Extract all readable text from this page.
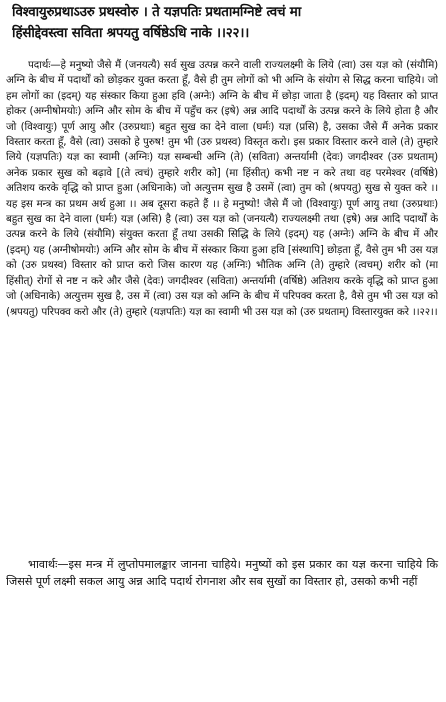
विश्वायुरुप्रथाऽउरु प्रथस्वोरु । ते यज्ञपतिः प्रथतामग्निष्टे त्वचं मा
हिंसीद्देवस्त्वा सविता श्रपयतु वर्षिष्ठेऽधि नाके ।।२२।।

पदार्थः—हे मनुष्यो जैसे मैं (जनयत्यै) सर्व सुख उत्पन्न करने वाली राज्यलक्ष्मी के लिये (त्वा) उस यज्ञ को (संयौमि) अग्नि के बीच में पदार्थों को छोड़कर युक्त करता हूँ, वैसे ही तुम लोगों को भी अग्नि के संयोग से सिद्ध करना चाहिये। जो हम लोगों का (इदम्) यह संस्कार किया हुआ हवि (अग्नेः) अग्नि के बीच में छोड़ा जाता है (इदम्) यह विस्तार को प्राप्त होकर (अग्नीषोमयोः) अग्नि और सोम के बीच में पहुँच कर (इषे) अन्न आदि पदार्थों के उत्पन्न करने के लिये होता है और जो (विश्वायुः) पूर्ण आयु और (उरुप्रथाः) बहुत सुख का देने वाला (घर्मः) यज्ञ (प्रसि) है, उसका जैसे मैं अनेक प्रकार विस्तार करता हूँ, वैसे (त्वा) उसको हे पुरुष! तुम भी (उरु प्रथस्व) विस्तृत करो। इस प्रकार विस्तार करने वाले (ते) तुम्हारे लिये (यज्ञपतिः) यज्ञ का स्वामी (अग्निः) यज्ञ सम्बन्धी अग्नि (ते) (सविता) अन्तर्यामी (देवः) जगदीश्वर (उरु प्रथताम्) अनेक प्रकार सुख को बढ़ावे [(ते त्वचं) तुम्हारे शरीर को] (मा हिंसीत्) कभी नष्ट न करे तथा वह परमेश्वर (वर्षिष्ठे) अतिशय करके वृद्धि को प्राप्त हुआ (अधिनाके) जो अत्युत्तम सुख है उसमें (त्वा) तुम को (श्रपयतु) सुख से युक्त करे ।। यह इस मन्त्र का प्रथम अर्थ हुआ ।। अब दूसरा कहते हैं ।। हे मनुष्यो! जैसे मैं जो (विश्वायुः) पूर्ण आयु तथा (उरुप्रथाः) बहुत सुख का देने वाला (घर्मः) यज्ञ (असि) है (त्वा) उस यज्ञ को (जनयत्यै) राज्यलक्ष्मी तथा (इषे) अन्न आदि पदार्थों के उत्पन्न करने के लिये (संयौमि) संयुक्त करता हूँ तथा उसकी सिद्धि के लिये (इदम्) यह (अग्नेः) अग्नि के बीच में और (इदम्) यह (अग्नीषोमयोः) अग्नि और सोम के बीच में संस्कार किया हुआ हवि [संस्थापि] छोड़ता हूँ, वैसे तुम भी उस यज्ञ को (उरु प्रथस्व) विस्तार को प्राप्त करो जिस कारण यह (अग्निः) भौतिक अग्नि (ते) तुम्हारे (त्वचम्) शरीर को (मा हिंसीत्) रोगों से नष्ट न करे और जैसे (देवः) जगदीश्वर (सविता) अन्तर्यामी (वर्षिष्ठे) अतिशय करके वृद्धि को प्राप्त हुआ जो (अधिनाके) अत्युत्तम सुख है, उस में (त्वा) उस यज्ञ को अग्नि के बीच में परिपक्व करता है, वैसे तुम भी उस यज्ञ को (श्रपयतु) परिपक्व करो और (ते) तुम्हारे (यज्ञपतिः) यज्ञ का स्वामी भी उस यज्ञ को (उरु प्रथताम्) विस्तारयुक्त करे ।।२२।।

भावार्थः—इस मन्त्र में लुप्तोपमालङ्कार जानना चाहिये। मनुष्यों को इस प्रकार का यज्ञ करना चाहिये कि जिससे पूर्ण लक्ष्मी सकल आयु अन्न आदि पदार्थ रोगनाश और सब सुखों का विस्तार हो, उसको कभी नहीं
